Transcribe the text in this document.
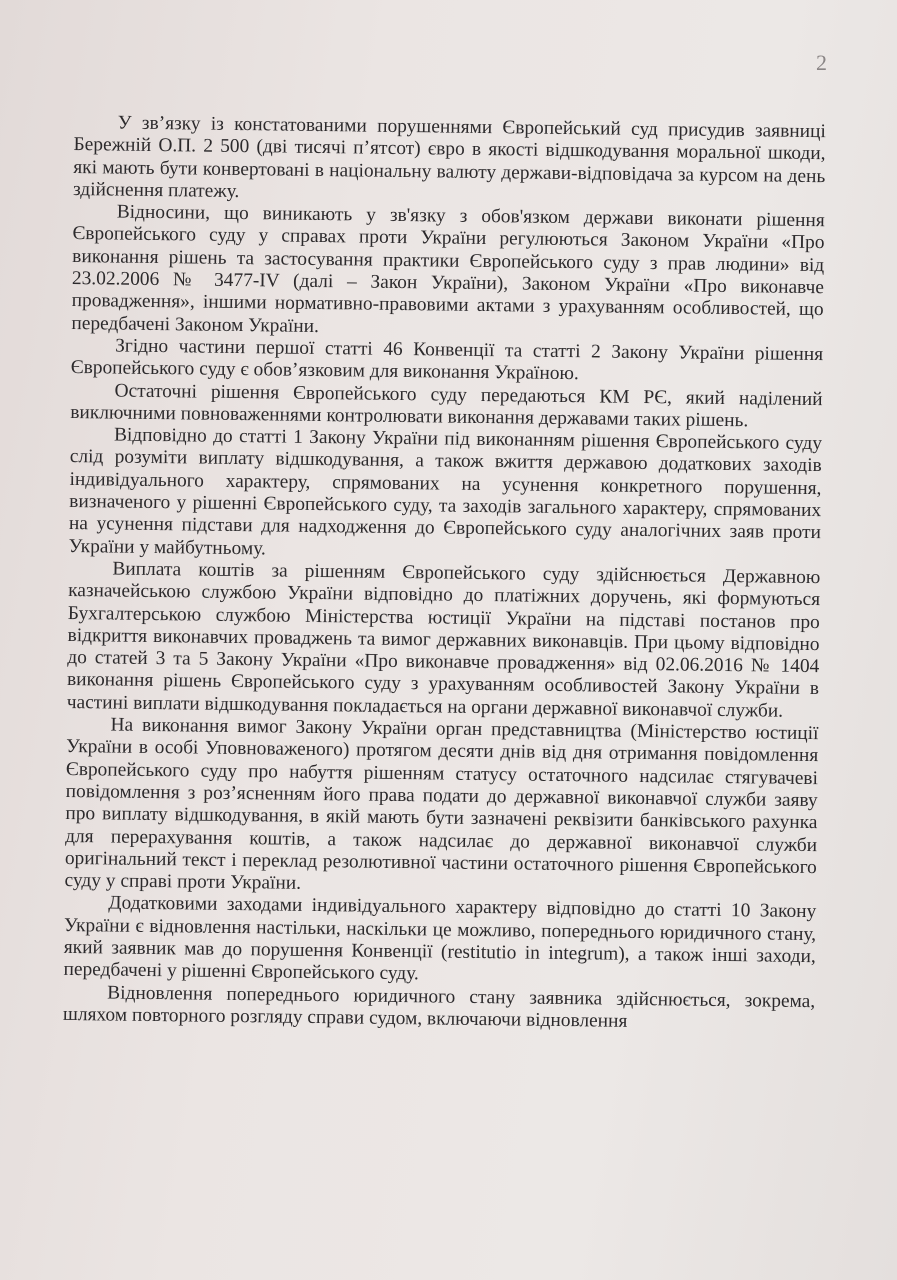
2

У зв’язку із констатованими порушеннями Європейський суд присудив заявниці Бережній О.П. 2 500 (дві тисячі п’ятсот) євро в якості відшкодування моральної шкоди, які мають бути конвертовані в національну валюту держави-відповідача за курсом на день здійснення платежу.

Відносини, що виникають у зв'язку з обов'язком держави виконати рішення Європейського суду у справах проти України регулюються Законом України «Про виконання рішень та застосування практики Європейського суду з прав людини» від 23.02.2006 № 3477-IV (далі – Закон України), Законом України «Про виконавче провадження», іншими нормативно-правовими актами з урахуванням особливостей, що передбачені Законом України.

Згідно частини першої статті 46 Конвенції та статті 2 Закону України рішення Європейського суду є обов’язковим для виконання Україною.

Остаточні рішення Європейського суду передаються КМ РЄ, який наділений виключними повноваженнями контролювати виконання державами таких рішень.

Відповідно до статті 1 Закону України під виконанням рішення Європейського суду слід розуміти виплату відшкодування, а також вжиття державою додаткових заходів індивідуального характеру, спрямованих на усунення конкретного порушення, визначеного у рішенні Європейського суду, та заходів загального характеру, спрямованих на усунення підстави для надходження до Європейського суду аналогічних заяв проти України у майбутньому.

Виплата коштів за рішенням Європейського суду здійснюється Державною казначейською службою України відповідно до платіжних доручень, які формуються Бухгалтерською службою Міністерства юстиції України на підставі постанов про відкриття виконавчих проваджень та вимог державних виконавців. При цьому відповідно до статей 3 та 5 Закону України «Про виконавче провадження» від 02.06.2016 № 1404 виконання рішень Європейського суду з урахуванням особливостей Закону України в частині виплати відшкодування покладається на органи державної виконавчої служби.

На виконання вимог Закону України орган представництва (Міністерство юстиції України в особі Уповноваженого) протягом десяти днів від дня отримання повідомлення Європейського суду про набуття рішенням статусу остаточного надсилає стягувачеві повідомлення з роз’ясненням його права подати до державної виконавчої служби заяву про виплату відшкодування, в якій мають бути зазначені реквізити банківського рахунка для перерахування коштів, а також надсилає до державної виконавчої служби оригінальний текст і переклад резолютивної частини остаточного рішення Європейського суду у справі проти України.

Додатковими заходами індивідуального характеру відповідно до статті 10 Закону України є відновлення настільки, наскільки це можливо, попереднього юридичного стану, який заявник мав до порушення Конвенції (restitutio in integrum), а також інші заходи, передбачені у рішенні Європейського суду.

Відновлення попереднього юридичного стану заявника здійснюється, зокрема, шляхом повторного розгляду справи судом, включаючи відновлення
